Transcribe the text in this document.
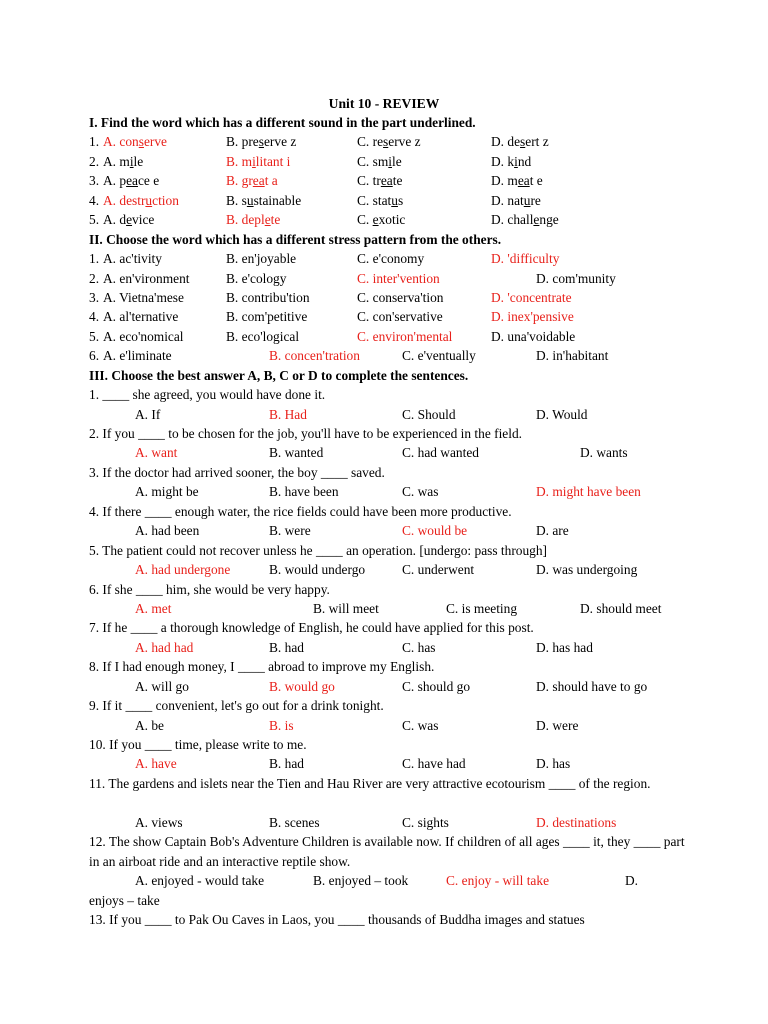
Unit 10 - REVIEW
I. Find the word which has a different sound in the part underlined.
1. A. conserve	B. preserve z	C. reserve z	D. desert z
2. A. mile	B. militant i	C. smile	D. kind
3. A. peace e	B. great a	C. treate	D. meat e
4. A. destruction	B. sustainable	C. status	D. nature
5. A. device	B. deplete	C. exotic	D. challenge
II. Choose the word which has a different stress pattern from the others.
1. A. ac'tivity	B. en'joyable	C. e'conomy	D. 'difficulty
2. A. en'vironment	B. e'cology	C. inter'vention	D. com'munity
3. A. Vietna'mese	B. contribu'tion	C. conserva'tion	D. 'concentrate
4. A. al'ternative	B. com'petitive	C. con'servative	D. inex'pensive
5. A. eco'nomical	B. eco'logical	C. environ'mental	D. una'voidable
6. A. e'liminate	B. concen'tration	C. e'ventually	D. in'habitant
III. Choose the best answer A, B, C or D to complete the sentences.
1. ____ she agreed, you would have done it.
A. If	B. Had	C. Should	D. Would
2. If you ____ to be chosen for the job, you'll have to be experienced in the field.
A. want	B. wanted	C. had wanted	D. wants
3. If the doctor had arrived sooner, the boy ____ saved.
A. might be	B. have been	C. was	D. might have been
4. If there ____ enough water, the rice fields could have been more productive.
A. had been	B. were	C. would be	D. are
5. The patient could not recover unless he ____ an operation. [undergo: pass through]
A. had undergone	B. would undergo	C. underwent	D. was undergoing
6. If she ____ him, she would be very happy.
A. met	B. will meet	C. is meeting	D. should meet
7. If he ____ a thorough knowledge of English, he could have applied for this post.
A. had had	B. had	C. has	D. has had
8. If I had enough money, I ____ abroad to improve my English.
A. will go	B. would go	C. should go	D. should have to go
9. If it ____ convenient, let's go out for a drink tonight.
A. be	B. is	C. was	D. were
10. If you ____ time, please write to me.
A. have	B. had	C. have had	D. has
11. The gardens and islets near the Tien and Hau River are very attractive ecotourism ____ of the region.
A. views	B. scenes	C. sights	D. destinations
12. The show Captain Bob's Adventure Children is available now. If children of all ages ____ it, they ____ part in an airboat ride and an interactive reptile show.
A. enjoyed - would take	B. enjoyed – took	C. enjoy - will take	D.
enjoys – take
13. If you ____ to Pak Ou Caves in Laos, you ____ thousands of Buddha images and statues
